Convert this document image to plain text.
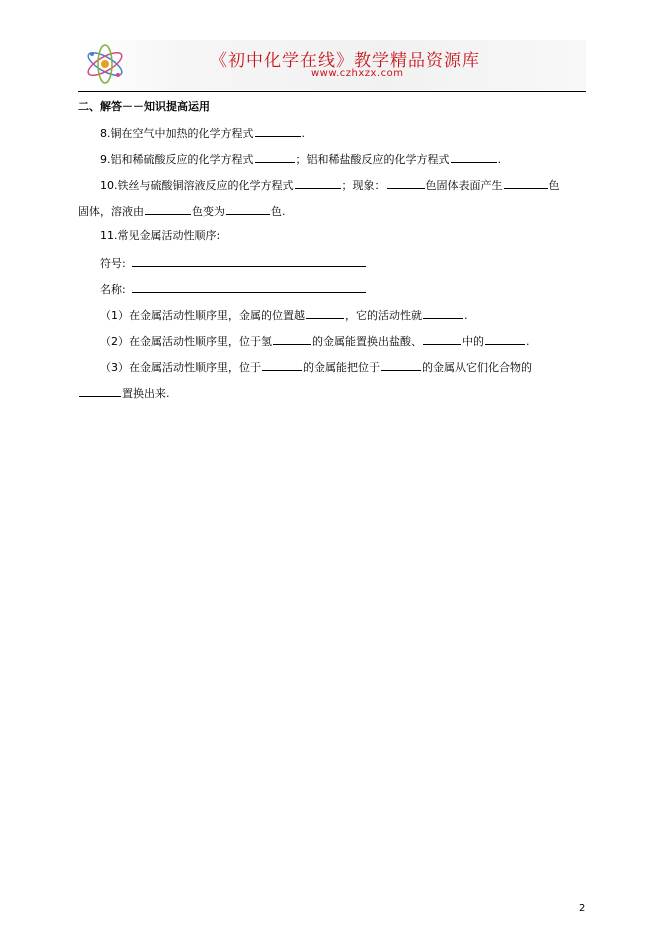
《初中化学在线》教学精品资源库
www.czhxzx.com
二、解答－－知识提高运用
8.铜在空气中加热的化学方程式	.
9.铝和稀硫酸反应的化学方程式	；铝和稀盐酸反应的化学方程式	.
10.铁丝与硫酸铜溶液反应的化学方程式	；现象：	色固体表面产生	色
固体，溶液由	色变为	色.
11.常见金属活动性顺序:
符号:
名称:
（1）在金属活动性顺序里，金属的位置越	，它的活动性就	.
（2）在金属活动性顺序里，位于氢	的金属能置换出盐酸、	中的	.
（3）在金属活动性顺序里，位于	的金属能把位于	的金属从它们化合物的
置换出来.
2
